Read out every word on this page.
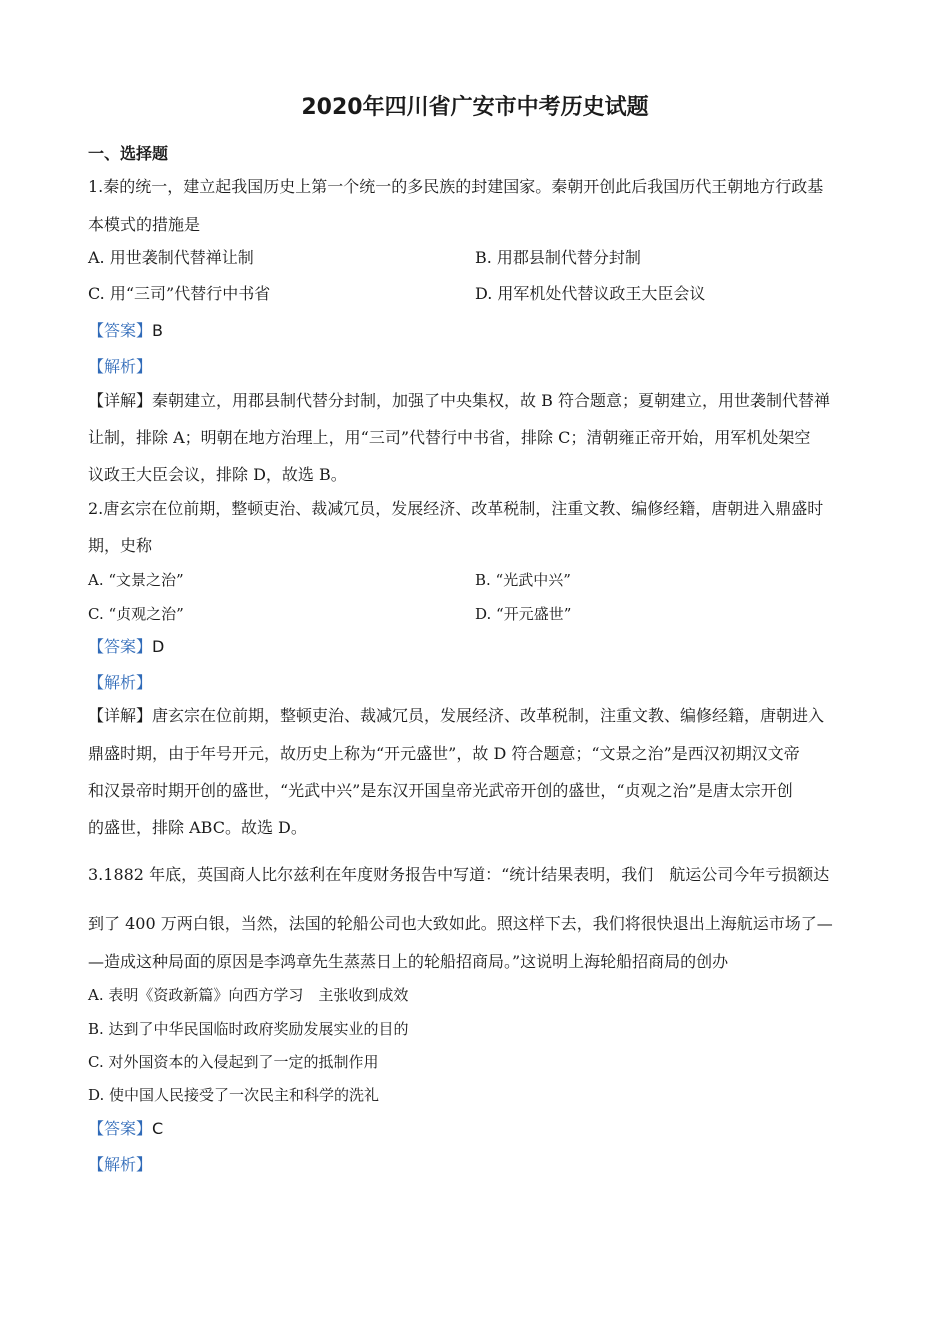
2020年四川省广安市中考历史试题
一、选择题
1.秦的统一，建立起我国历史上第一个统一的多民族的封建国家。秦朝开创此后我国历代王朝地方行政基
本模式的措施是
A. 用世袭制代替禅让制	B. 用郡县制代替分封制
C. 用“三司”代替行中书省	D. 用军机处代替议政王大臣会议
【答案】B
【解析】
【详解】秦朝建立，用郡县制代替分封制，加强了中央集权，故 B 符合题意；夏朝建立，用世袭制代替禅
让制，排除 A；明朝在地方治理上，用“三司”代替行中书省，排除 C；清朝雍正帝开始，用军机处架空
议政王大臣会议，排除 D，故选 B。
2.唐玄宗在位前期，整顿吏治、裁减冗员，发展经济、改革税制，注重文教、编修经籍，唐朝进入鼎盛时
期，史称
A. “文景之治”	B. “光武中兴”
C. “贞观之治”	D. “开元盛世”
【答案】D
【解析】
【详解】唐玄宗在位前期，整顿吏治、裁减冗员，发展经济、改革税制，注重文教、编修经籍，唐朝进入
鼎盛时期，由于年号开元，故历史上称为“开元盛世”，故 D 符合题意；“文景之治”是西汉初期汉文帝
和汉景帝时期开创的盛世，“光武中兴”是东汉开国皇帝光武帝开创的盛世，“贞观之治”是唐太宗开创
的盛世，排除 ABC。故选 D。
3.1882 年底，英国商人比尔兹利在年度财务报告中写道：“统计结果表明，我们　航运公司今年亏损额达
到了 400 万两白银，当然，法国的轮船公司也大致如此。照这样下去，我们将很快退出上海航运市场了—
—造成这种局面的原因是李鸿章先生蒸蒸日上的轮船招商局。”这说明上海轮船招商局的创办
A. 表明《资政新篇》向西方学习　主张收到成效
B. 达到了中华民国临时政府奖励发展实业的目的
C. 对外国资本的入侵起到了一定的抵制作用
D. 使中国人民接受了一次民主和科学的洗礼
【答案】C
【解析】
